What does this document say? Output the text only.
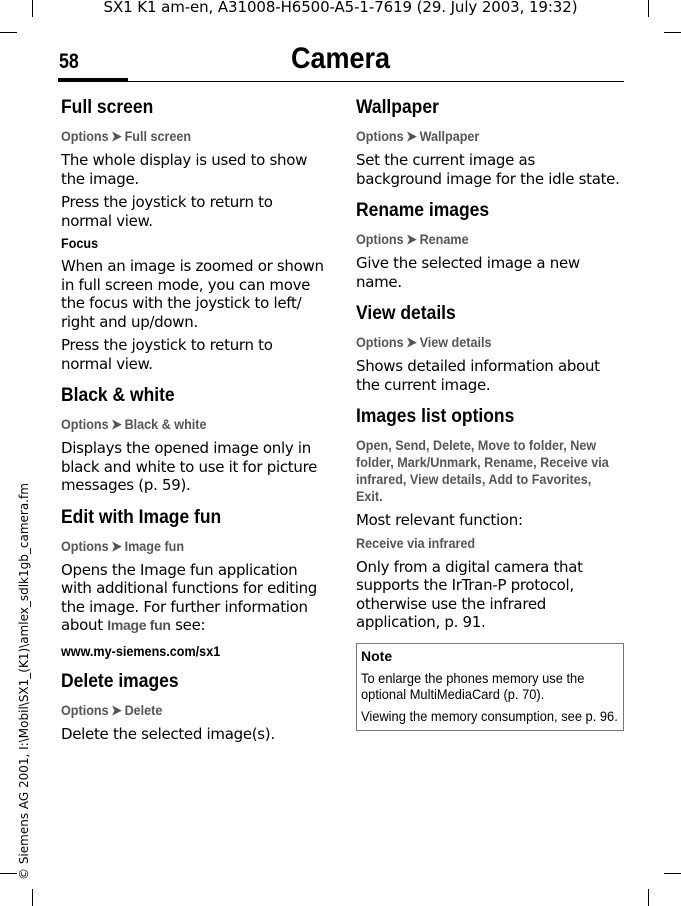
SX1 K1 am-en, A31008-H6500-A5-1-7619 (29. July 2003, 19:32)
© Siemens AG 2001, I:\Mobil\SX1_(K1)\amlex_sdlk1gb_camera.fm
58	Camera
Full screen
Options ➤ Full screen

The whole display is used to show the image.

Press the joystick to return to normal view.

Focus

When an image is zoomed or shown in full screen mode, you can move the focus with the joystick to left/ right and up/down.

Press the joystick to return to normal view.

Black & white
Options ➤ Black & white

Displays the opened image only in black and white to use it for picture messages (p. 59).

Edit with Image fun
Options ➤ Image fun

Opens the Image fun application with additional functions for editing the image. For further information about Image fun see:

www.my-siemens.com/sx1
Delete images
Options ➤ Delete

Delete the selected image(s).

Wallpaper
Options ➤ Wallpaper

Set the current image as background image for the idle state.

Rename images
Options ➤ Rename

Give the selected image a new name.

View details
Options ➤ View details

Shows detailed information about the current image.

Images list options
Open, Send, Delete, Move to folder, New folder, Mark/Unmark, Rename, Receive via infrared, View details, Add to Favorites, Exit.

Most relevant function:

Receive via infrared

Only from a digital camera that supports the IrTran-P protocol, otherwise use the infrared application, p. 91.

Note
To enlarge the phones memory use the optional MultiMediaCard (p. 70).
Viewing the memory consumption, see p. 96.
